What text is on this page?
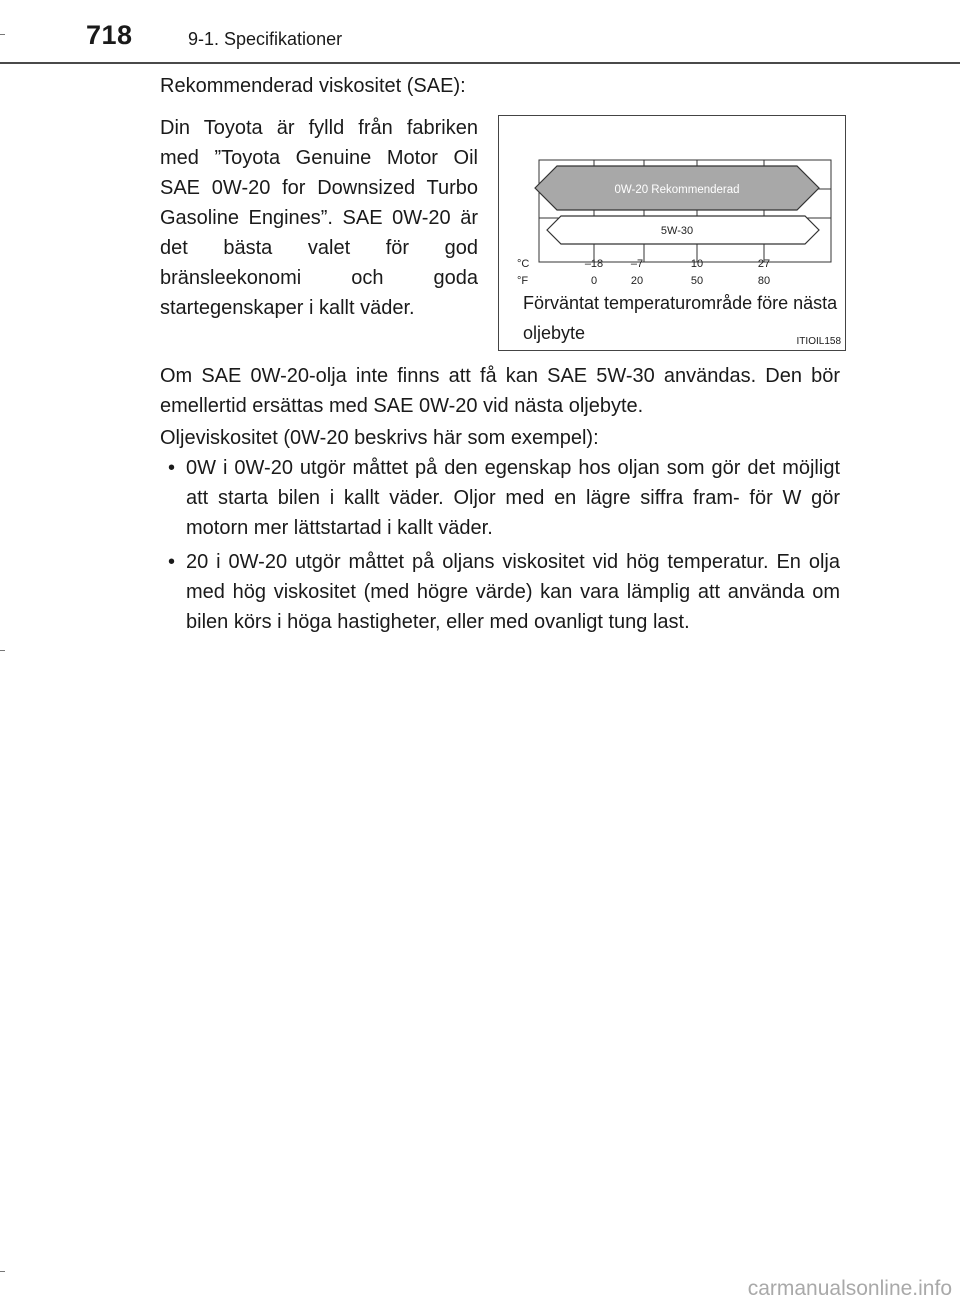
718	9-1. Specifikationer
Rekommenderad viskositet (SAE):
Din Toyota är fylld från fabriken med ”Toyota Genuine Motor Oil SAE 0W-20 for Downsized Turbo Gasoline Engines”. SAE 0W-20 är det bästa valet för god bränsleekonomi och goda startegenskaper i kallt väder.
0W-20 Rekommenderad
5W-30
°C
°F
–18	–7	10	27
0	20	50	80
Förväntat temperaturområde före nästa oljebyte	ITIOIL158
Om SAE 0W-20-olja inte finns att få kan SAE 5W-30 användas. Den bör emellertid ersättas med SAE 0W-20 vid nästa oljebyte.
Oljeviskositet (0W-20 beskrivs här som exempel):
• 0W i 0W-20 utgör måttet på den egenskap hos oljan som gör det möjligt att starta bilen i kallt väder. Oljor med en lägre siffra fram- för W gör motorn mer lättstartad i kallt väder.
• 20 i 0W-20 utgör måttet på oljans viskositet vid hög temperatur. En olja med hög viskositet (med högre värde) kan vara lämplig att använda om bilen körs i höga hastigheter, eller med ovanligt tung last.
carmanualsonline.info
